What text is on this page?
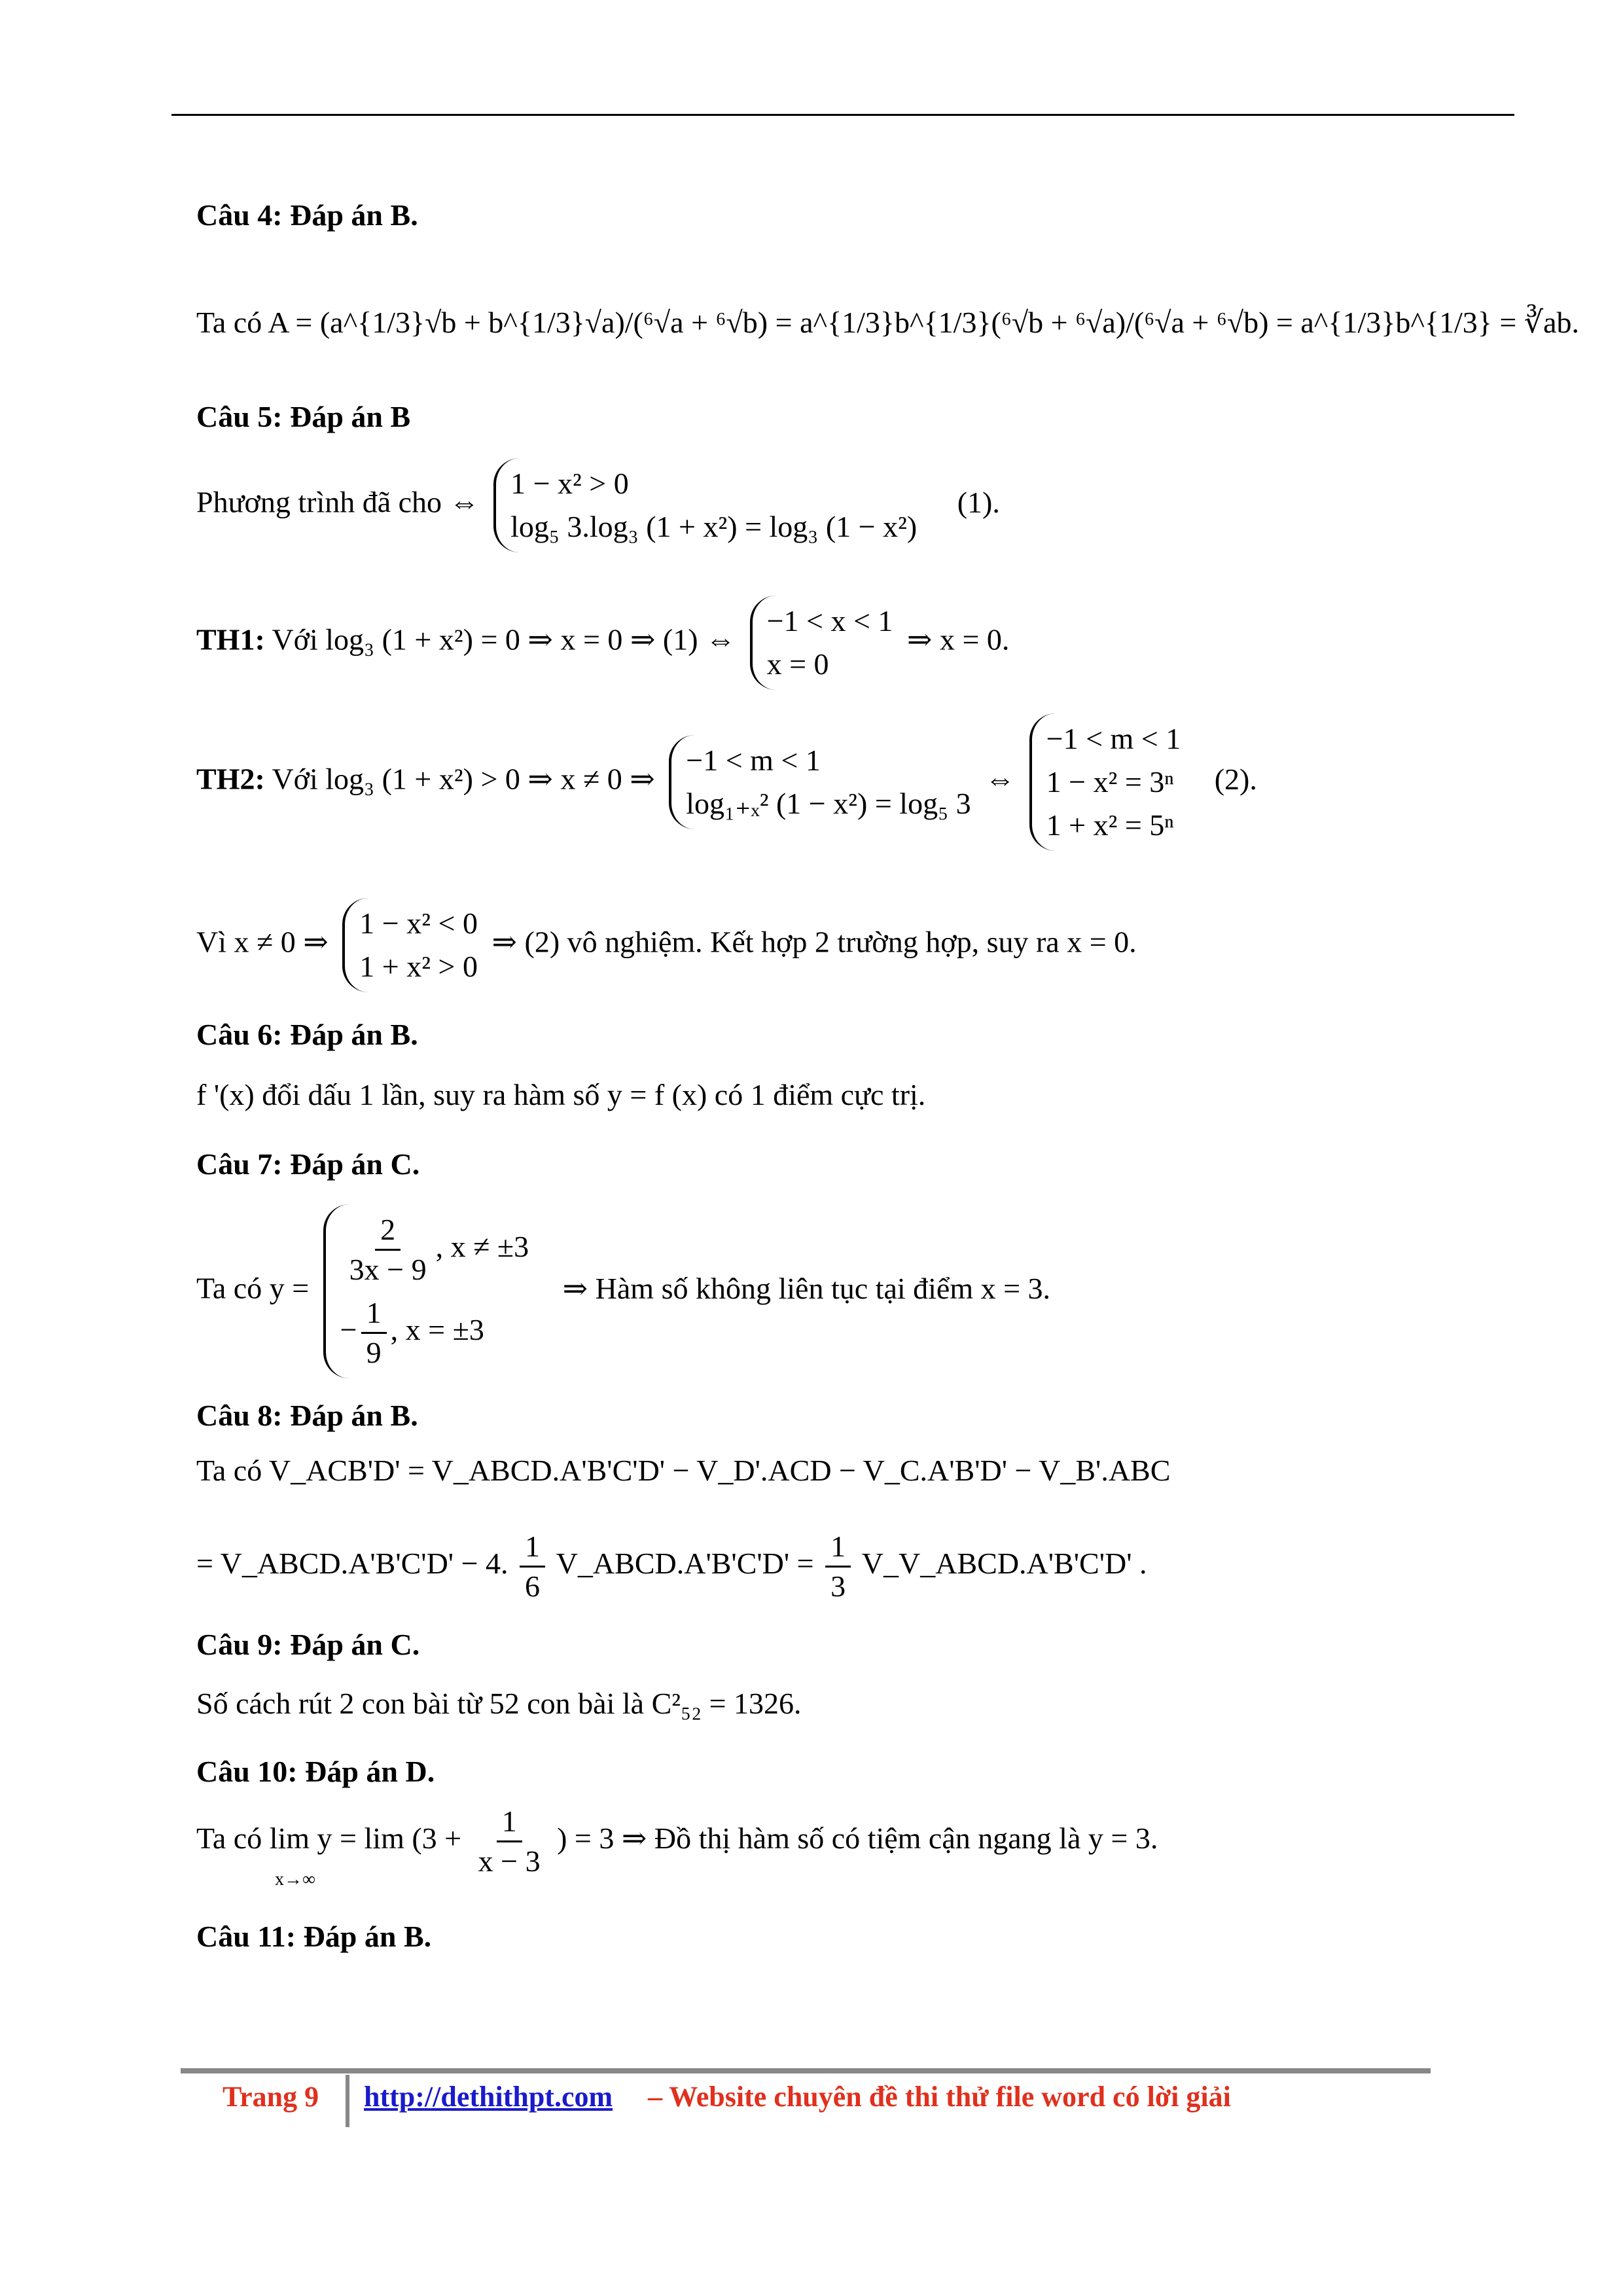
Câu 4: Đáp án B.
Ta có A = (a^{1/3}√b + b^{1/3}√a)/(⁶√a + ⁶√b) = a^{1/3}b^{1/3}(⁶√b + ⁶√a)/(⁶√a + ⁶√b) = a^{1/3}b^{1/3} = ∛ab.
Câu 5: Đáp án B
Phương trình đã cho ⇔
1 − x² > 0
log₅ 3.log₃ (1 + x²) = log₃ (1 − x²)
(1).
TH1: Với log₃ (1 + x²) = 0 ⇒ x = 0 ⇒ (1) ⇔
−1 < x < 1
x = 0
⇒ x = 0.
TH2: Với log₃ (1 + x²) > 0 ⇒ x ≠ 0 ⇒
−1 < m < 1
log₁₊ₓ² (1 − x²) = log₅ 3
⇔
−1 < m < 1
1 − x² = 3ⁿ
1 + x² = 5ⁿ
(2).
Vì x ≠ 0 ⇒
1 − x² < 0
1 + x² > 0
⇒ (2) vô nghiệm. Kết hợp 2 trường hợp, suy ra x = 0.
Câu 6: Đáp án B.
f '(x) đổi dấu 1 lần, suy ra hàm số y = f (x) có 1 điểm cực trị.
Câu 7: Đáp án C.
Ta có y =
$\frac{2}{3x - 9}$ , x ≠ ±3
− $\frac{1}{9}$ , x = ±3
⇒ Hàm số không liên tục tại điểm x = 3.
Câu 8: Đáp án B.
Ta có V_ACB'D' = V_ABCD.A'B'C'D' − V_D'.ACD − V_C.A'B'D' − V_B'.ABC
= V_ABCD.A'B'C'D' − 4. $\frac{1}{6}$ V_ABCD.A'B'C'D' = $\frac{1}{3}$ V_V_ABCD.A'B'C'D' .
Câu 9: Đáp án C.
Số cách rút 2 con bài từ 52 con bài là C²₅₂ = 1326.
Câu 10: Đáp án D.
Ta có $\lim y = \lim (3 + \frac{1}{x - 3}$ ) = 3 ⇒ Đồ thị hàm số có tiệm cận ngang là y = 3.
x→∞
Câu 11: Đáp án B.
Trang 9 http://dethithpt.com – Website chuyên đề thi thử file word có lời giải
